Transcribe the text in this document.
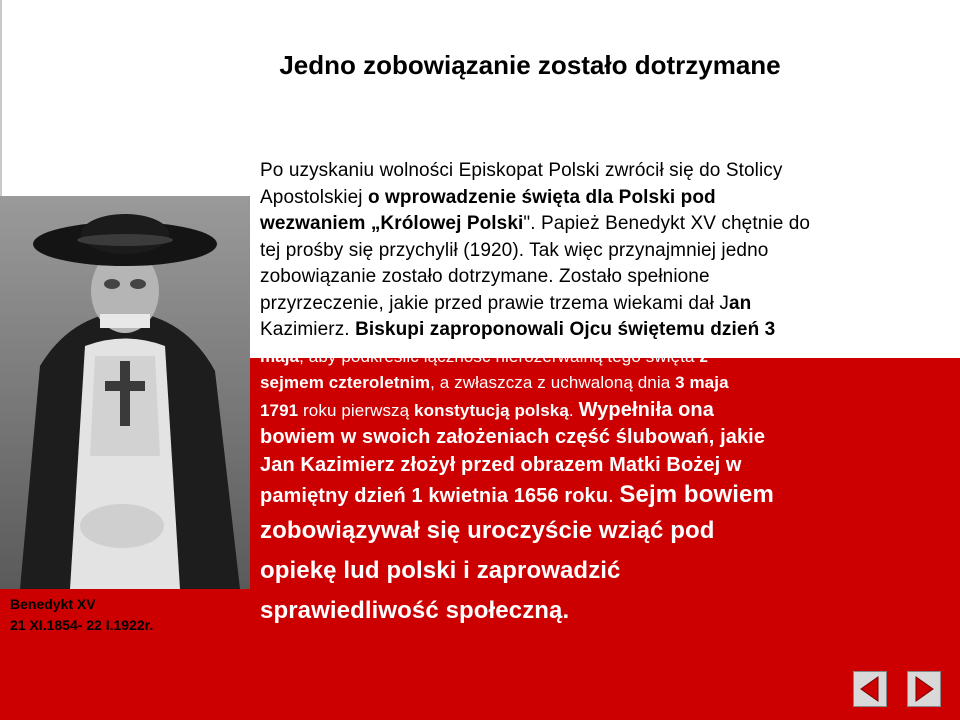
Jedno zobowiązanie zostało dotrzymane
Benedykt XV
21 XI.1854- 22 I.1922r.
Po uzyskaniu wolności Episkopat Polski zwrócił się do Stolicy
Apostolskiej o wprowadzenie święta dla Polski pod
wezwaniem „Królowej Polski". Papież Benedykt XV chętnie do
tej prośby się przychylił (1920). Tak więc przynajmniej jedno
zobowiązanie zostało dotrzymane. Zostało spełnione
przyrzeczenie, jakie przed prawie trzema wiekami dał Jan
Kazimierz. Biskupi zaproponowali Ojcu świętemu dzień 3
maja, aby podkreślić łączność nierozerwalną tego święta z
sejmem czteroletnim, a zwłaszcza z uchwaloną dnia 3 maja
1791 roku pierwszą konstytucją polską. Wypełniła ona
bowiem w swoich założeniach część ślubowań, jakie
Jan Kazimierz złożył przed obrazem Matki Bożej w
pamiętny dzień 1 kwietnia 1656 roku. Sejm bowiem
zobowiązywał się uroczyście wziąć pod
opiekę lud polski i zaprowadzić
sprawiedliwość społeczną.
